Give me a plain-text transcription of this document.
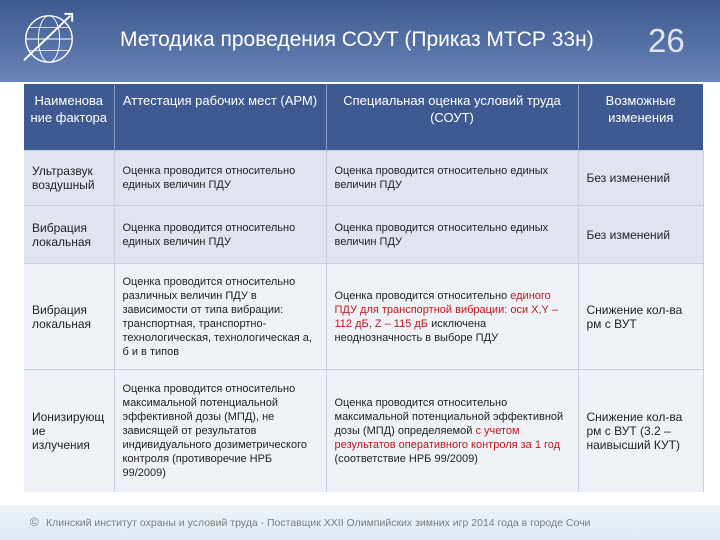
Методика проведения СОУТ (Приказ МТСР 33н) 26
Наименова ние фактора	Аттестация рабочих мест (АРМ)	Специальная оценка условий труда (СОУТ)	Возможные изменения
Ультразвук воздушный	Оценка проводится относительно единых величин ПДУ	Оценка проводится относительно единых величин ПДУ	Без изменений
Вибрация локальная	Оценка проводится относительно единых величин ПДУ	Оценка проводится относительно единых величин ПДУ	Без изменений
Вибрация локальная	Оценка проводится относительно различных величин ПДУ в зависимости от типа вибрации: транспортная, транспортно-технологическая, технологическая а, б и в типов	Оценка проводится относительно единого ПДУ для транспортной вибрации: оси X,Y – 112 дБ, Z – 115 дБ исключена неоднозначность в выборе ПДУ	Снижение кол-ва рм с ВУТ
Ионизирующ ие излучения	Оценка проводится относительно максимальной потенциальной эффективной дозы (МПД), не зависящей от результатов индивидуального дозиметрического контроля (противоречие НРБ 99/2009)	Оценка проводится относительно максимальной потенциальной эффективной дозы (МПД) определяемой с учетом результатов оперативного контроля за 1 год (соответствие НРБ 99/2009)	Снижение кол-ва рм с ВУТ (3.2 – наивысший КУТ)
© Клинский институт охраны и условий труда - Поставщик XXII Олимпийских зимних игр 2014 года в городе Сочи
